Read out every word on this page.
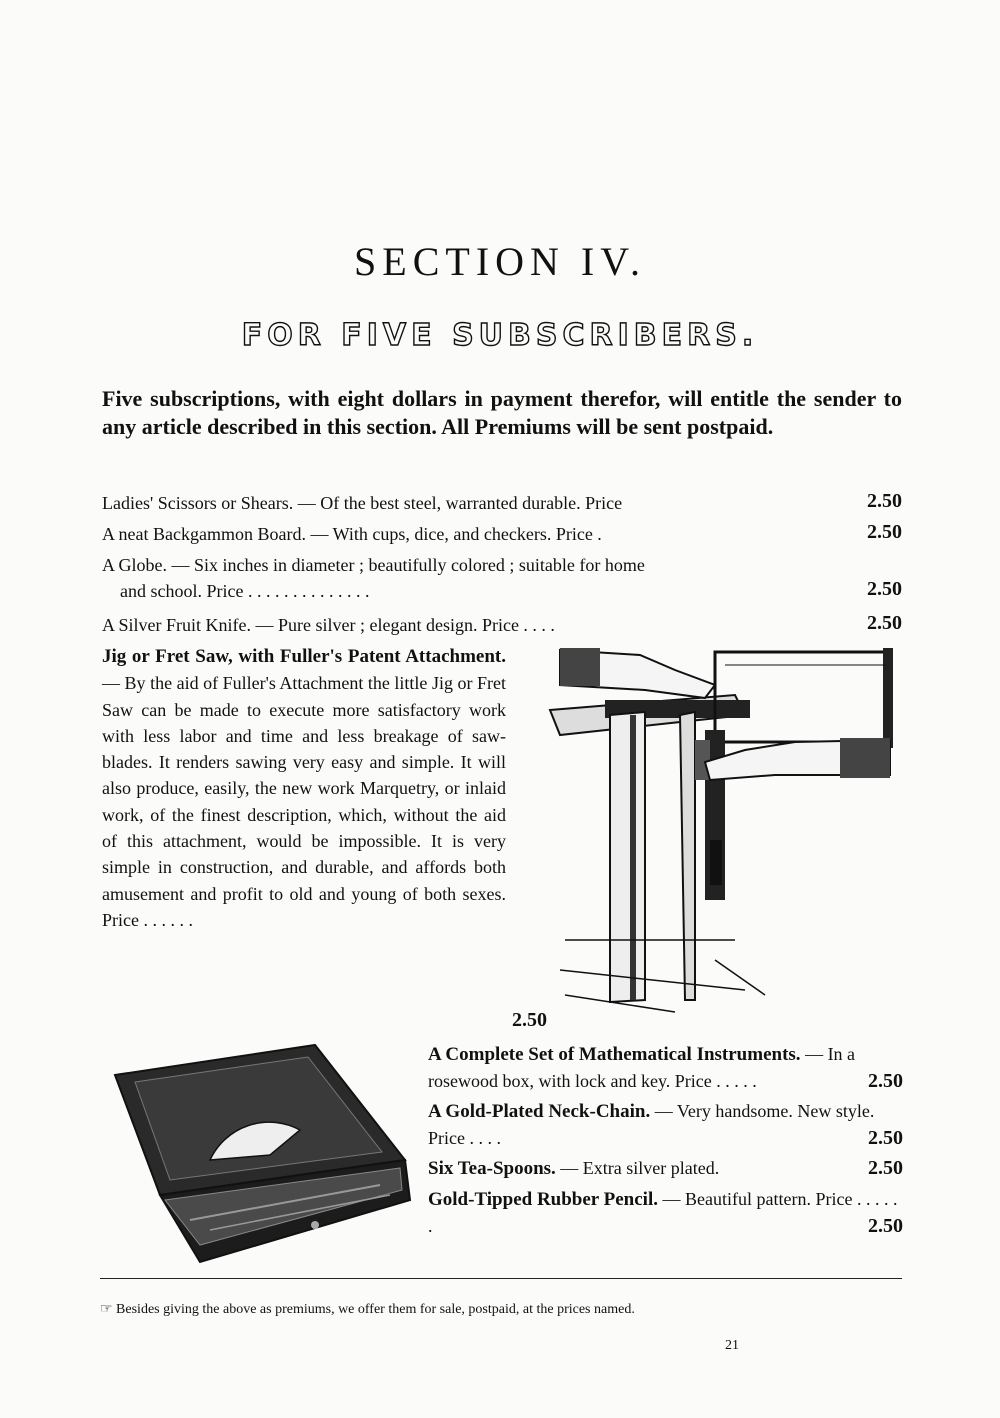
SECTION IV.
FOR FIVE SUBSCRIBERS.
Five subscriptions, with eight dollars in payment therefor, will entitle the sender to any article described in this section. All Premiums will be sent postpaid.
Ladies' Scissors or Shears. — Of the best steel, warranted durable. Price	2.50
A neat Backgammon Board. — With cups, dice, and checkers. Price .	2.50
A Globe. — Six inches in diameter ; beautifully colored ; suitable for home
and school. Price . . . . . . . . . . . . . .	2.50
A Silver Fruit Knife. — Pure silver ; elegant design. Price . . . .	2.50
Jig or Fret Saw, with Fuller's Patent Attachment. — By the aid of Fuller's Attachment the little Jig or Fret Saw can be made to execute more satisfactory work with less labor and time and less breakage of saw-blades. It renders sawing very easy and simple. It will also produce, easily, the new work Marquetry, or inlaid work, of the finest description, which, without the aid of this attachment, would be impossible. It is very simple in construction, and durable, and affords both amusement and profit to old and young of both sexes. Price . . . . . .
2.50
A Complete Set of Mathematical Instruments. — In a rosewood box, with lock and key. Price . . . . .	2.50
A Gold-Plated Neck-Chain. — Very handsome. New style. Price . . . .	2.50
Six Tea-Spoons. — Extra silver plated.	2.50
Gold-Tipped Rubber Pencil. — Beautiful pattern. Price . . . . . .	2.50
☞ Besides giving the above as premiums, we offer them for sale, postpaid, at the prices named.
21
